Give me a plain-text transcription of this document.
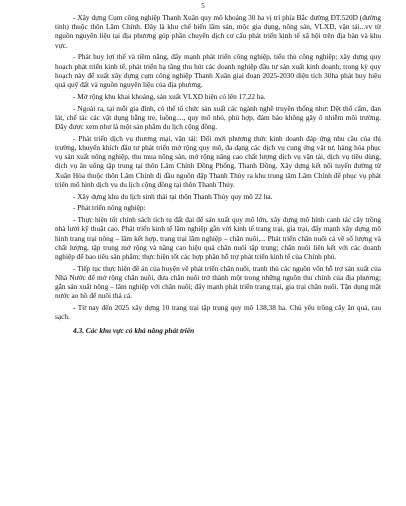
5

- Xây dựng Cụm công nghiệp Thanh Xuân quy mô khoảng 30 ha vị trí phía Bắc đường ĐT.520D (đường tỉnh) thuộc thôn Lâm Chính. Đây là khu chế biến lâm sản, mộc gia dụng, nông sản, VLXD, vận tải...vv từ nguồn nguyên liệu tại địa phương góp phần chuyển dịch cơ cấu phát triển kinh tế xã hội trên địa bàn và khu vực.

- Phát huy lợi thế và tiềm năng, đẩy mạnh phát triển công nghiệp, tiểu thủ công nghiệp; xây dựng quy hoạch phát triển kinh tế, phát triển hạ tầng thu hút các doanh nghiệp đầu tư sản xuất kinh doanh, trong kỳ quy hoạch này để xuất xây dựng cụm công nghiệp Thanh Xuân giai đoạn 2025-2030 diện tích 30ha phát huy hiệu quả quỹ đất và nguồn nguyên liệu của địa phương.

- Mở rộng khu khai khoáng, sản xuất VLXD hiện có lên 17,22 ha.

- Ngoài ra, tại mỗi gia đình, có thể tổ chức sản xuất các ngành nghề truyền thống như: Dệt thổ cẩm, đan lát, chế tác các vật dụng bằng tre, luồng...., quy mô nhỏ, phù hợp, đảm bảo không gây ô nhiễm môi trường. Đây được xem như là một sản phẩm du lịch cộng đồng.

- Phát triển dịch vụ thương mại, vận tải: Đổi mới phương thức kinh doanh đáp ứng nhu cầu của thị trường, khuyến khích đầu tư phát triển mở rộng quy mô, đa dạng các dịch vụ cung ứng vật tư, hàng hóa phục vụ sản xuất nông nghiệp, thu mua nông sản, mở rộng nâng cao chất lượng dịch vụ vận tải, dịch vụ tiêu dùng, dịch vụ ăn uống tập trung tại thôn Lâm Chính Đồng Phống, Thanh Đồng. Xây dựng kết nối tuyến đường từ Xuân Hòa thuộc thôn Lâm Chính đi đầu nguồn đập Thanh Thủy ra khu trung tâm Lâm Chính để phục vụ phát triển mô hình dịch vụ du lịch cộng đồng tại thôn Thanh Thủy.

- Xây dựng khu du lịch sinh thái tại thôn Thanh Thủy quy mô 22 ha.

- Phát triển nông nghiệp:

- Thực hiện tốt chính sách tích tụ đất đai để sản xuất quy mô lớn, xây dựng mô hình canh tác cây trồng nhà lưới kỹ thuật cao. Phát triển kinh tế lâm nghiệp gắn với kinh tế trang trại, gia trại, đẩy mạnh xây dựng mô hình trang trại nông – lâm kết hợp, trang trại lâm nghiệp – chăn nuôi,... Phát triển chăn nuôi cả về số lượng và chất lượng, tập trung mở rộng và nâng cao hiệu quả chăn nuôi tập trung; chăn nuôi liên kết với các doanh nghiệp để bao tiêu sản phẩm; thực hiện tốt các hợp phần hỗ trợ phát triển kinh tế của Chính phủ.

- Tiếp tục thực hiện đề án của huyện về phát triển chăn nuôi, tranh thủ các nguồn vốn hỗ trợ sản xuất của Nhà Nước để mở rộng chăn nuôi, đưa chăn nuôi trở thành một trong những nguồn thu chính của địa phương; gắn sản xuất nông – lâm nghiệp với chăn nuôi; đẩy mạnh phát triển trang trại, gia trại chăn nuôi. Tận dụng mặt nước ao hồ để nuôi thả cá.

- Từ nay đến 2025 xây dựng 10 trang trại tập trung quy mô 138,38 ha. Chủ yếu trồng cây ăn quả, rau sạch.

4.3. Các khu vực có khả năng phát triển
